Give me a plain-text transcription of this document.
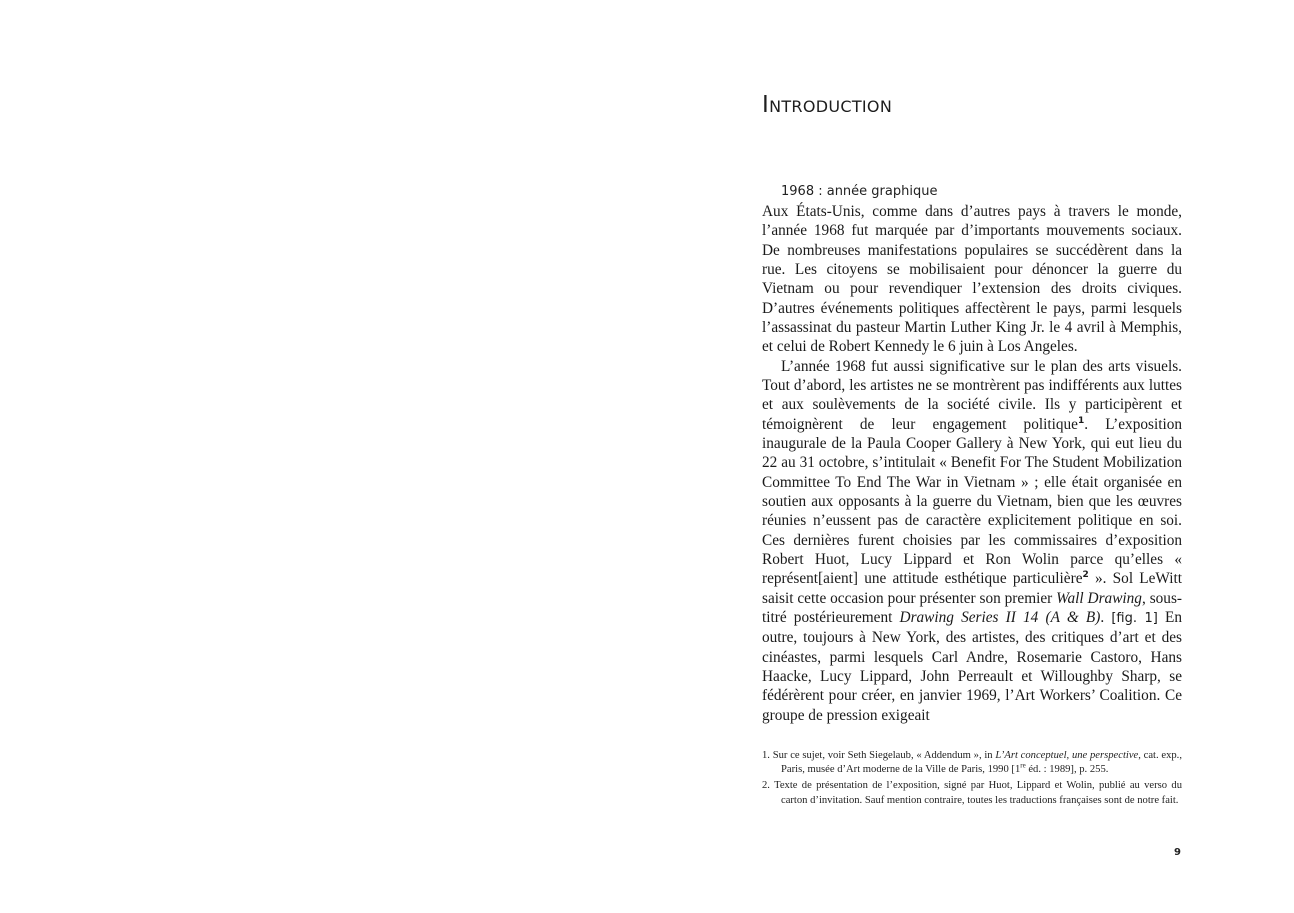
Introduction
1968 : année graphique

Aux États-Unis, comme dans d’autres pays à travers le monde, l’année 1968 fut marquée par d’importants mouvements sociaux. De nombreuses manifestations populaires se succédèrent dans la rue. Les citoyens se mobilisaient pour dénoncer la guerre du Vietnam ou pour revendiquer l’extension des droits civiques. D’autres événements politiques affectèrent le pays, parmi lesquels l’assassinat du pasteur Martin Luther King Jr. le 4 avril à Memphis, et celui de Robert Kennedy le 6 juin à Los Angeles.

L’année 1968 fut aussi significative sur le plan des arts visuels. Tout d’abord, les artistes ne se montrèrent pas indifférents aux luttes et aux soulèvements de la société civile. Ils y participèrent et témoignèrent de leur engagement politique$^1$. L’exposition inaugurale de la Paula Cooper Gallery à New York, qui eut lieu du 22 au 31 octobre, s’intitulait « Benefit For The Student Mobilization Committee To End The War in Vietnam » ; elle était organisée en soutien aux opposants à la guerre du Vietnam, bien que les œuvres réunies n’eussent pas de caractère explicitement politique en soi. Ces dernières furent choisies par les commissaires d’exposition Robert Huot, Lucy Lippard et Ron Wolin parce qu’elles « représent[aient] une attitude esthétique particulière$^2$ ». Sol LeWitt saisit cette occasion pour présenter son premier Wall Drawing, sous-titré postérieurement Drawing Series II 14 (A & B). [fig. 1] En outre, toujours à New York, des artistes, des critiques d’art et des cinéastes, parmi lesquels Carl Andre, Rosemarie Castoro, Hans Haacke, Lucy Lippard, John Perreault et Willoughby Sharp, se fédérèrent pour créer, en janvier 1969, l’Art Workers’ Coalition. Ce groupe de pression exigeait

1. Sur ce sujet, voir Seth Siegelaub, « Addendum », in L’Art conceptuel, une perspective, cat. exp., Paris, musée d’Art moderne de la Ville de Paris, 1990 [1re éd. : 1989], p. 255.

2. Texte de présentation de l’exposition, signé par Huot, Lippard et Wolin, publié au verso du carton d’invitation. Sauf mention contraire, toutes les traductions françaises sont de notre fait.

9
